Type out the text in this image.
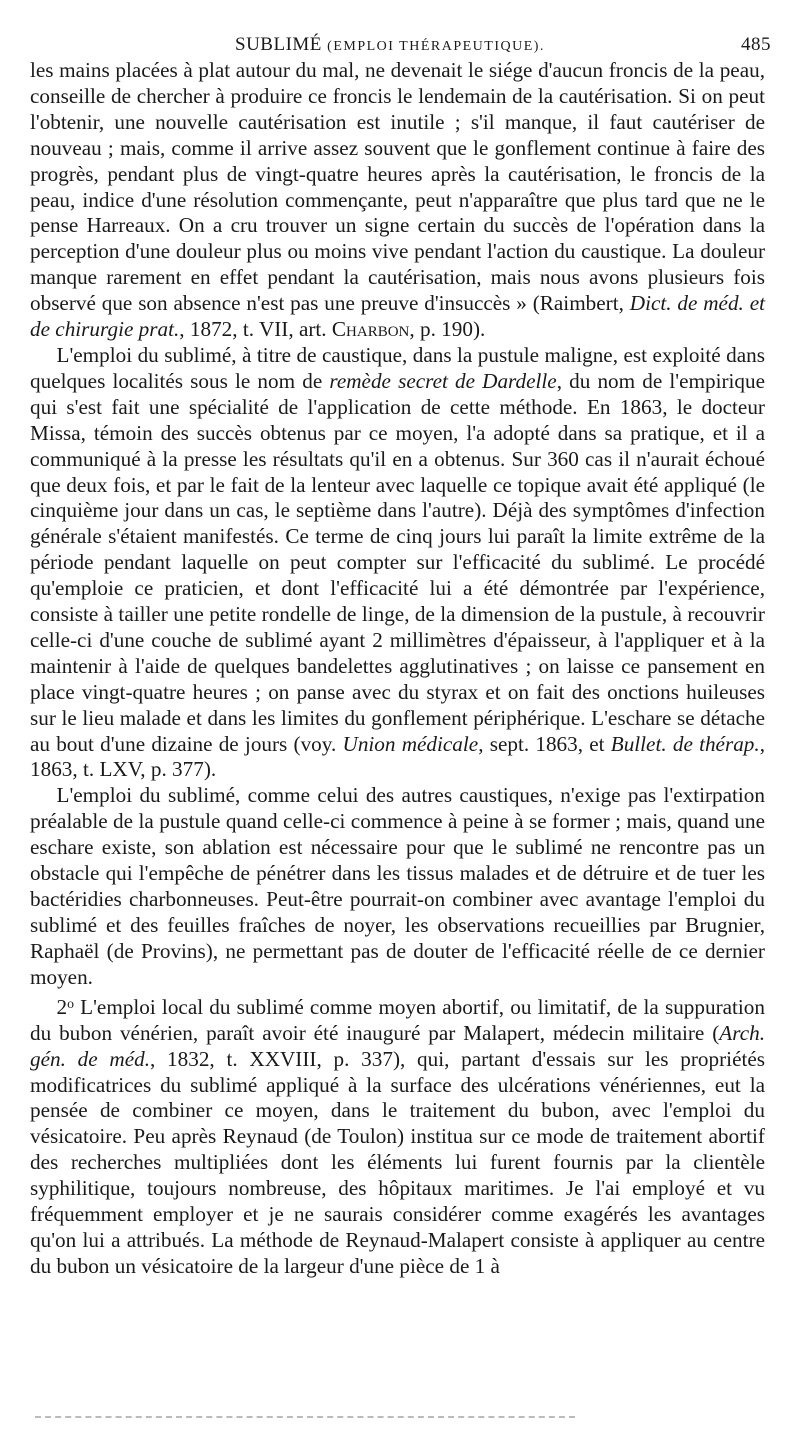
SUBLIMÉ (EMPLOI THÉRAPEUTIQUE).	485

les mains placées à plat autour du mal, ne devenait le siége d'aucun froncis de la peau, conseille de chercher à produire ce froncis le lendemain de la cautérisation. Si on peut l'obtenir, une nouvelle cautérisation est inutile ; s'il manque, il faut cautériser de nouveau ; mais, comme il arrive assez souvent que le gonflement continue à faire des progrès, pendant plus de vingt-quatre heures après la cautérisation, le froncis de la peau, indice d'une résolution commençante, peut n'apparaître que plus tard que ne le pense Harreaux. On a cru trouver un signe certain du succès de l'opération dans la perception d'une douleur plus ou moins vive pendant l'action du caustique. La douleur manque rarement en effet pendant la cautérisation, mais nous avons plusieurs fois observé que son absence n'est pas une preuve d'insuccès » (Raimbert, Dict. de méd. et de chirurgie prat., 1872, t. VII, art. Charbon, p. 190).

L'emploi du sublimé, à titre de caustique, dans la pustule maligne, est exploité dans quelques localités sous le nom de remède secret de Dardelle, du nom de l'empirique qui s'est fait une spécialité de l'application de cette méthode. En 1863, le docteur Missa, témoin des succès obtenus par ce moyen, l'a adopté dans sa pratique, et il a communiqué à la presse les résultats qu'il en a obtenus. Sur 360 cas il n'aurait échoué que deux fois, et par le fait de la lenteur avec laquelle ce topique avait été appliqué (le cinquième jour dans un cas, le septième dans l'autre). Déjà des symptômes d'infection générale s'étaient manifestés. Ce terme de cinq jours lui paraît la limite extrême de la période pendant laquelle on peut compter sur l'efficacité du sublimé. Le procédé qu'emploie ce praticien, et dont l'efficacité lui a été démontrée par l'expérience, consiste à tailler une petite rondelle de linge, de la dimension de la pustule, à recouvrir celle-ci d'une couche de sublimé ayant 2 millimètres d'épaisseur, à l'appliquer et à la maintenir à l'aide de quelques bandelettes agglutinatives ; on laisse ce pansement en place vingt-quatre heures ; on panse avec du styrax et on fait des onctions huileuses sur le lieu malade et dans les limites du gonflement périphérique. L'eschare se détache au bout d'une dizaine de jours (voy. Union médicale, sept. 1863, et Bullet. de thérap., 1863, t. LXV, p. 377).

L'emploi du sublimé, comme celui des autres caustiques, n'exige pas l'extirpation préalable de la pustule quand celle-ci commence à peine à se former ; mais, quand une eschare existe, son ablation est nécessaire pour que le sublimé ne rencontre pas un obstacle qui l'empêche de pénétrer dans les tissus malades et de détruire et de tuer les bactéridies charbonneuses. Peut-être pourrait-on combiner avec avantage l'emploi du sublimé et des feuilles fraîches de noyer, les observations recueillies par Brugnier, Raphaël (de Provins), ne permettant pas de douter de l'efficacité réelle de ce dernier moyen.

2$^o$ L'emploi local du sublimé comme moyen abortif, ou limitatif, de la suppuration du bubon vénérien, paraît avoir été inauguré par Malapert, médecin militaire (Arch. gén. de méd., 1832, t. XXVIII, p. 337), qui, partant d'essais sur les propriétés modificatrices du sublimé appliqué à la surface des ulcérations vénériennes, eut la pensée de combiner ce moyen, dans le traitement du bubon, avec l'emploi du vésicatoire. Peu après Reynaud (de Toulon) institua sur ce mode de traitement abortif des recherches multipliées dont les éléments lui furent fournis par la clientèle syphilitique, toujours nombreuse, des hôpitaux maritimes. Je l'ai employé et vu fréquemment employer et je ne saurais considérer comme exagérés les avantages qu'on lui a attribués. La méthode de Reynaud-Malapert consiste à appliquer au centre du bubon un vésicatoire de la largeur d'une pièce de 1 à
